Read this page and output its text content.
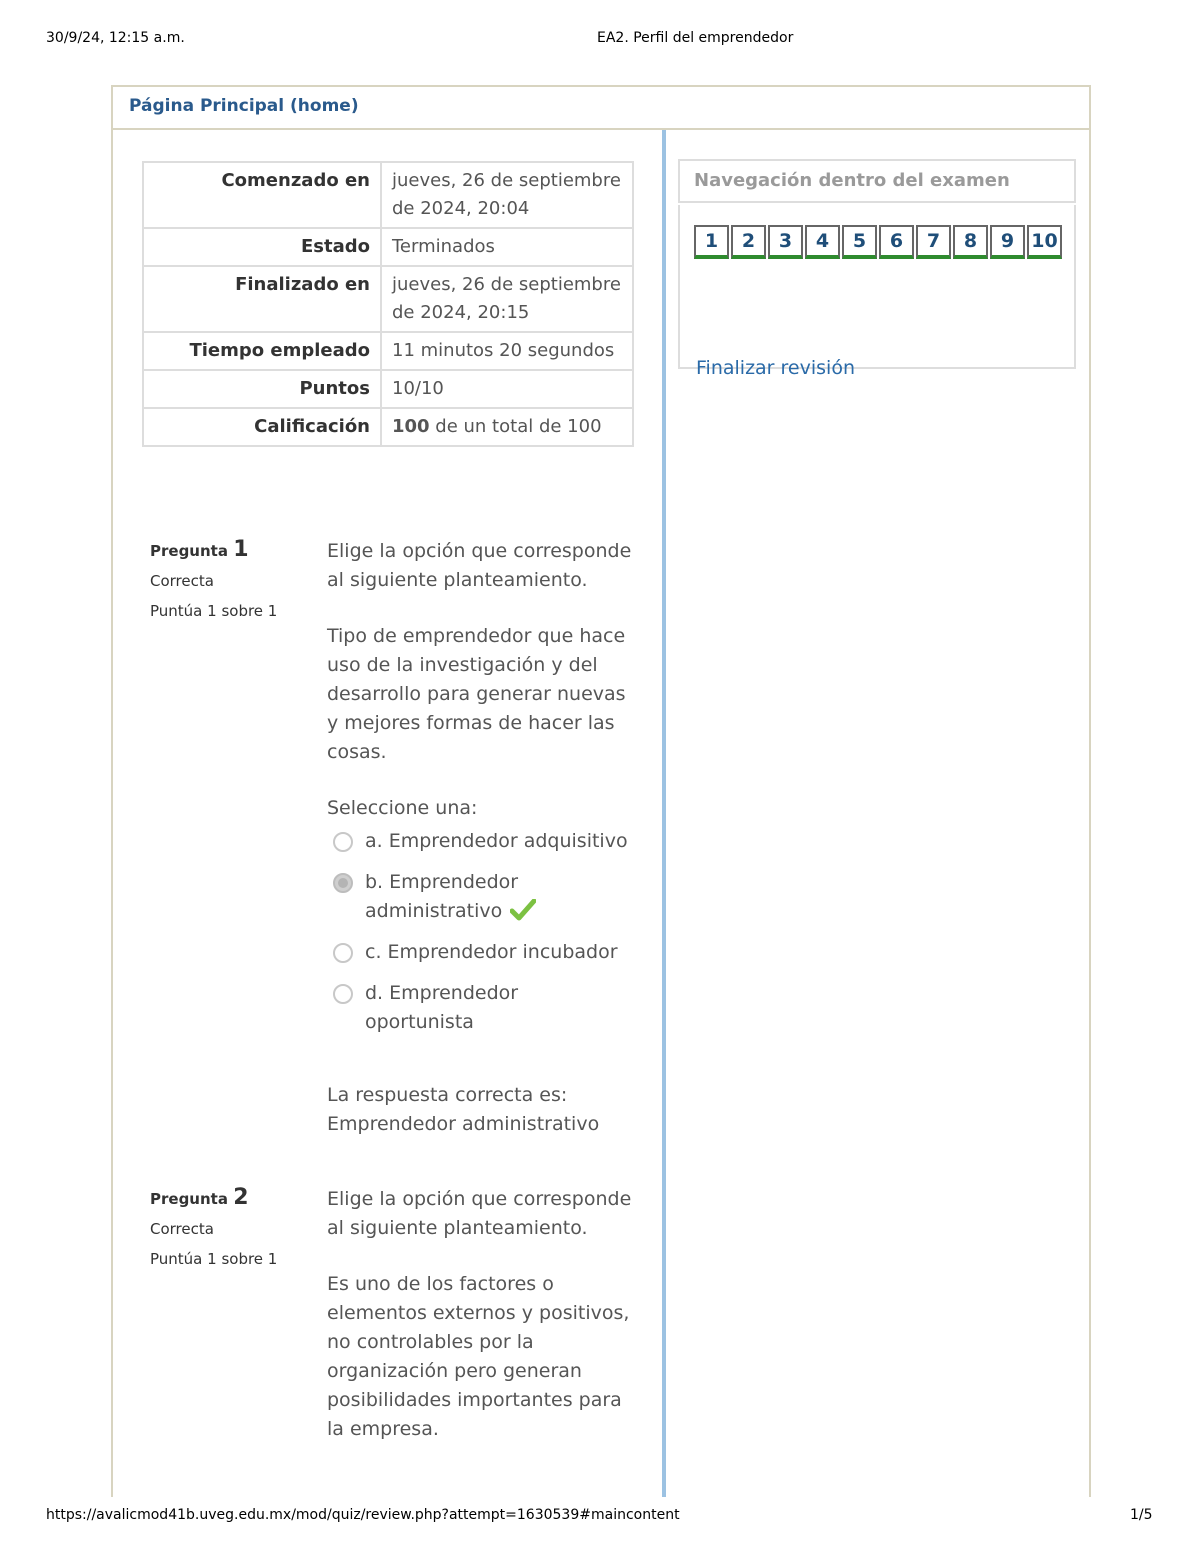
30/9/24, 12:15 a.m.	EA2. Perfil del emprendedor
https://avalicmod41b.uveg.edu.mx/mod/quiz/review.php?attempt=1630539#maincontent	1/5
Página Principal (home)
Comenzado en	jueves, 26 de septiembre de 2024, 20:04
Estado	Terminados
Finalizado en	jueves, 26 de septiembre de 2024, 20:15
Tiempo empleado	11 minutos 20 segundos
Puntos	10/10
Calificación	100 de un total de 100
Pregunta 1
Correcta
Puntúa 1 sobre 1

Elige la opción que corresponde al siguiente planteamiento.

Tipo de emprendedor que hace uso de la investigación y del desarrollo para generar nuevas y mejores formas de hacer las cosas.

Seleccione una:
a. Emprendedor adquisitivo
b. Emprendedor administrativo
c. Emprendedor incubador
d. Emprendedor oportunista
La respuesta correcta es: Emprendedor administrativo
Pregunta 2
Correcta
Puntúa 1 sobre 1

Elige la opción que corresponde al siguiente planteamiento.

Es uno de los factores o elementos externos y positivos, no controlables por la organización pero generan posibilidades importantes para la empresa.

Navegación dentro del examen
1 2 3 4 5 6 7 8 9 10
Finalizar revisión
